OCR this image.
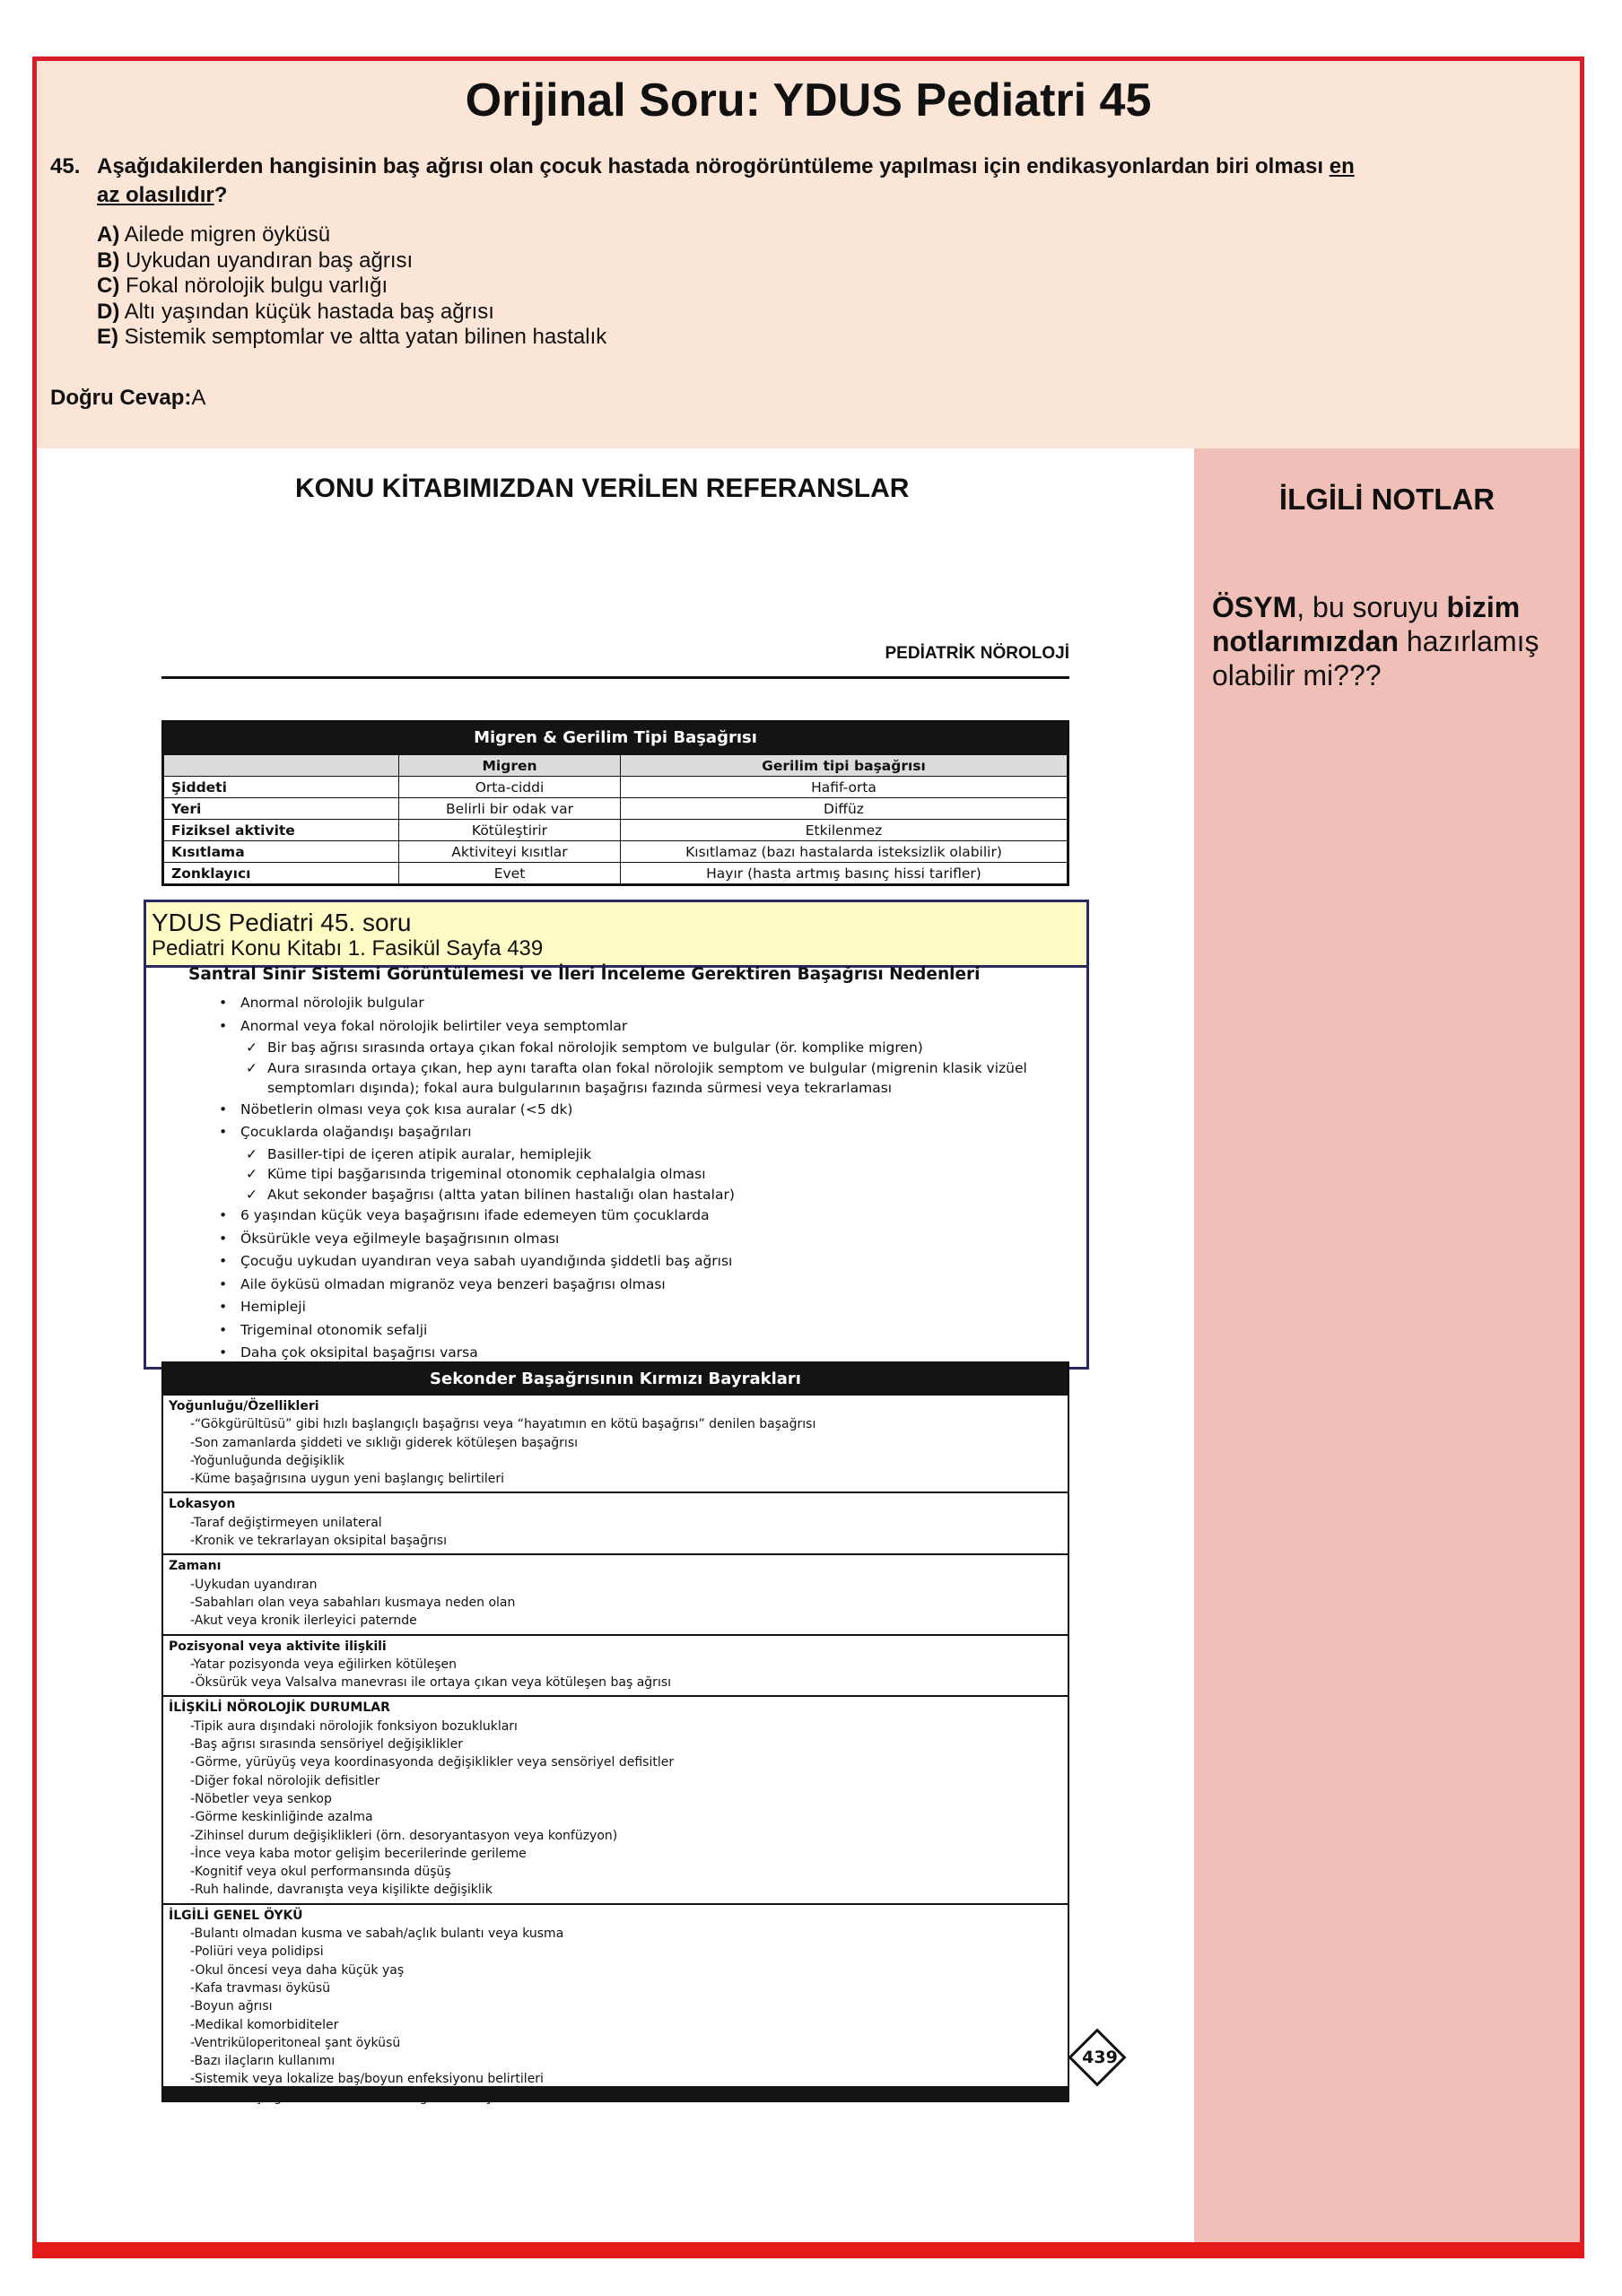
Orijinal Soru: YDUS Pediatri 45
45. Aşağıdakilerden hangisinin baş ağrısı olan çocuk hastada nörogörüntüleme yapılması için endikasyonlardan biri olması en
az olasılıdır?
A) Ailede migren öyküsü
B) Uykudan uyandıran baş ağrısı
C) Fokal nörolojik bulgu varlığı
D) Altı yaşından küçük hastada baş ağrısı
E) Sistemik semptomlar ve altta yatan bilinen hastalık
Doğru Cevap:A
İLGİLİ NOTLAR
ÖSYM, bu soruyu bizim notlarımızdan hazırlamış olabilir mi???
KONU KİTABIMIZDAN VERİLEN REFERANSLAR
PEDİATRİK NÖROLOJİ
Migren & Gerilim Tipi Başağrısı
	Migren	Gerilim tipi başağrısı
Şiddeti	Orta-ciddi	Hafif-orta
Yeri	Belirli bir odak var	Diffüz
Fiziksel aktivite	Kötüleştirir	Etkilenmez
Kısıtlama	Aktiviteyi kısıtlar	Kısıtlamaz (bazı hastalarda isteksizlik olabilir)
Zonklayıcı	Evet	Hayır (hasta artmış basınç hissi tarifler)
YDUS Pediatri 45. soru
Pediatri Konu Kitabı 1. Fasikül Sayfa 439
Santral Sinir Sistemi Görüntülemesi ve İleri İnceleme Gerektiren Başağrısı Nedenleri
• Anormal nörolojik bulgular
• Anormal veya fokal nörolojik belirtiler veya semptomlar
✓ Bir baş ağrısı sırasında ortaya çıkan fokal nörolojik semptom ve bulgular (ör. komplike migren)
✓ Aura sırasında ortaya çıkan, hep aynı tarafta olan fokal nörolojik semptom ve bulgular (migrenin klasik vizüel
semptomları dışında); fokal aura bulgularının başağrısı fazında sürmesi veya tekrarlaması
• Nöbetlerin olması veya çok kısa auralar (<5 dk)
• Çocuklarda olağandışı başağrıları
✓ Basiller-tipi de içeren atipik auralar, hemiplejik
✓ Küme tipi başğarısında trigeminal otonomik cephalalgia olması
✓ Akut sekonder başağrısı (altta yatan bilinen hastalığı olan hastalar)
• 6 yaşından küçük veya başağrısını ifade edemeyen tüm çocuklarda
• Öksürükle veya eğilmeyle başağrısının olması
• Çocuğu uykudan uyandıran veya sabah uyandığında şiddetli baş ağrısı
• Aile öyküsü olmadan migranöz veya benzeri başağrısı olması
• Hemipleji
• Trigeminal otonomik sefalji
• Daha çok oksipital başağrısı varsa
Sekonder Başağrısının Kırmızı Bayrakları
Yoğunluğu/Özellikleri
-“Gökgürültüsü” gibi hızlı başlangıçlı başağrısı veya “hayatımın en kötü başağrısı” denilen başağrısı
-Son zamanlarda şiddeti ve sıklığı giderek kötüleşen başağrısı
-Yoğunluğunda değişiklik
-Küme başağrısına uygun yeni başlangıç belirtileri
Lokasyon
-Taraf değiştirmeyen unilateral
-Kronik ve tekrarlayan oksipital başağrısı
Zamanı
-Uykudan uyandıran
-Sabahları olan veya sabahları kusmaya neden olan
-Akut veya kronik ilerleyici paternde
Pozisyonal veya aktivite ilişkili
-Yatar pozisyonda veya eğilirken kötüleşen
-Öksürük veya Valsalva manevrası ile ortaya çıkan veya kötüleşen baş ağrısı
İLİŞKİLİ NÖROLOJİK DURUMLAR
-Tipik aura dışındaki nörolojik fonksiyon bozuklukları
-Baş ağrısı sırasında sensöriyel değişiklikler
-Görme, yürüyüş veya koordinasyonda değişiklikler veya sensöriyel defisitler
-Diğer fokal nörolojik defisitler
-Nöbetler veya senkop
-Görme keskinliğinde azalma
-Zihinsel durum değişiklikleri (örn. desoryantasyon veya konfüzyon)
-İnce veya kaba motor gelişim becerilerinde gerileme
-Kognitif veya okul performansında düşüş
-Ruh halinde, davranışta veya kişilikte değişiklik
İLGİLİ GENEL ÖYKÜ
-Bulantı olmadan kusma ve sabah/açlık bulantı veya kusma
-Poliüri veya polidipsi
-Okul öncesi veya daha küçük yaş
-Kafa travması öyküsü
-Boyun ağrısı
-Medikal komorbiditeler
-Ventriküloperitoneal şant öyküsü
-Bazı ilaçların kullanımı
-Sistemik veya lokalize baş/boyun enfeksiyonu belirtileri
439
